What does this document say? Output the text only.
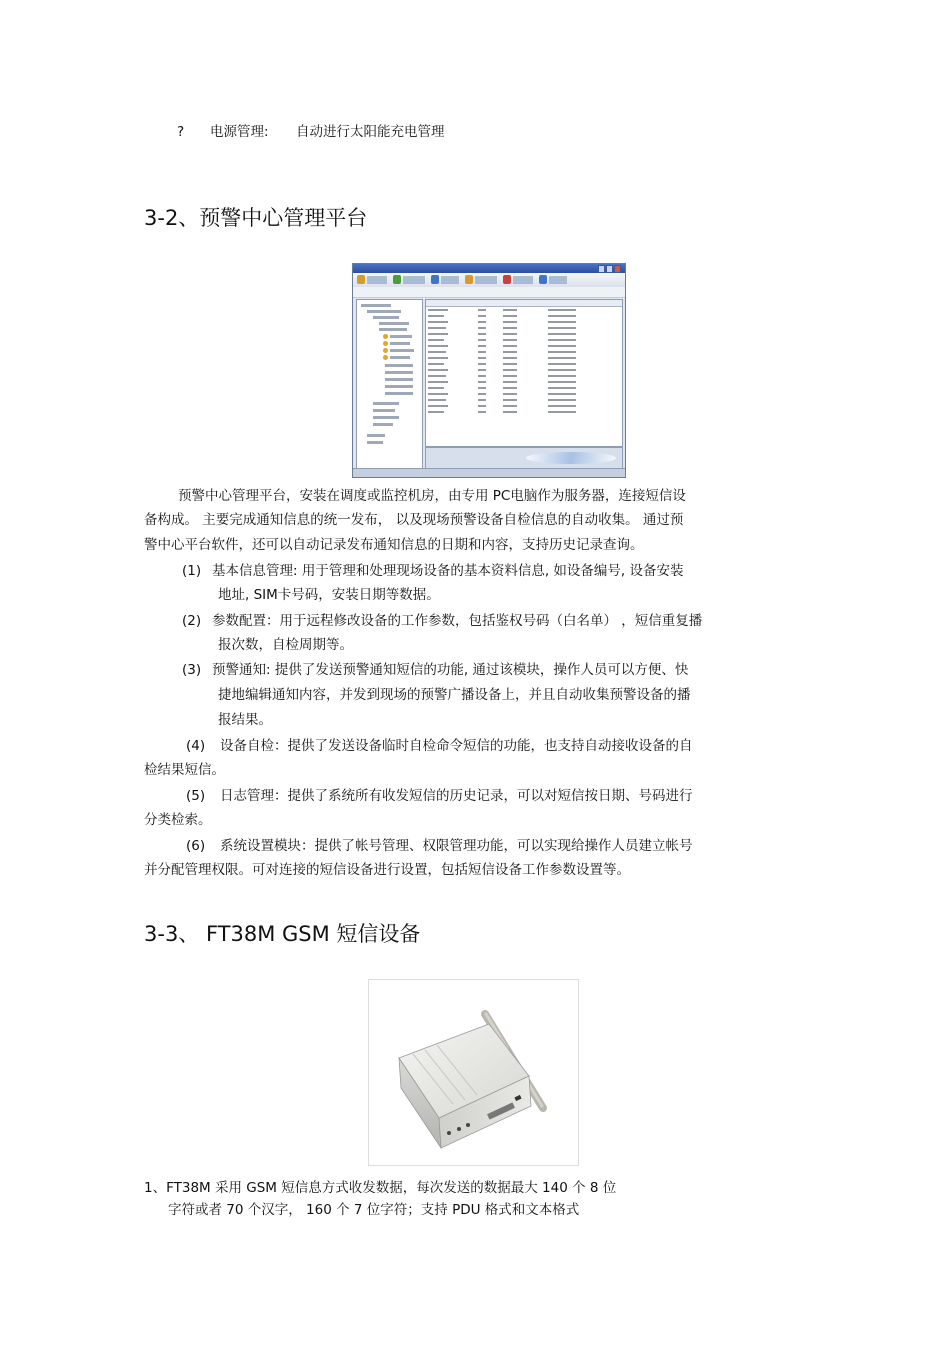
? 电源管理: 自动进行太阳能充电管理
3-2、预警中心管理平台
预警中心管理平台，安装在调度或监控机房，由专用 PC电脑作为服务器，连接短信设
备构成。 主要完成通知信息的统一发布， 以及现场预警设备自检信息的自动收集。 通过预
警中心平台软件，还可以自动记录发布通知信息的日期和内容，支持历史记录查询。
(1) 基本信息管理: 用于管理和处理现场设备的基本资料信息, 如设备编号, 设备安装
地址, SIM卡号码，安装日期等数据。
(2) 参数配置：用于远程修改设备的工作参数，包括鉴权号码（白名单） ，短信重复播
报次数，自检周期等。
(3) 预警通知: 提供了发送预警通知短信的功能, 通过该模块，操作人员可以方便、快
捷地编辑通知内容，并发到现场的预警广播设备上，并且自动收集预警设备的播
报结果。
(4) 设备自检：提供了发送设备临时自检命令短信的功能，也支持自动接收设备的自
检结果短信。
(5) 日志管理：提供了系统所有收发短信的历史记录，可以对短信按日期、号码进行
分类检索。
(6) 系统设置模块：提供了帐号管理、权限管理功能，可以实现给操作人员建立帐号
并分配管理权限。可对连接的短信设备进行设置，包括短信设备工作参数设置等。
3-3、 FT38M GSM 短信设备
1、FT38M 采用 GSM 短信息方式收发数据，每次发送的数据最大 140 个 8 位
字符或者 70 个汉字， 160 个 7 位字符；支持 PDU 格式和文本格式
